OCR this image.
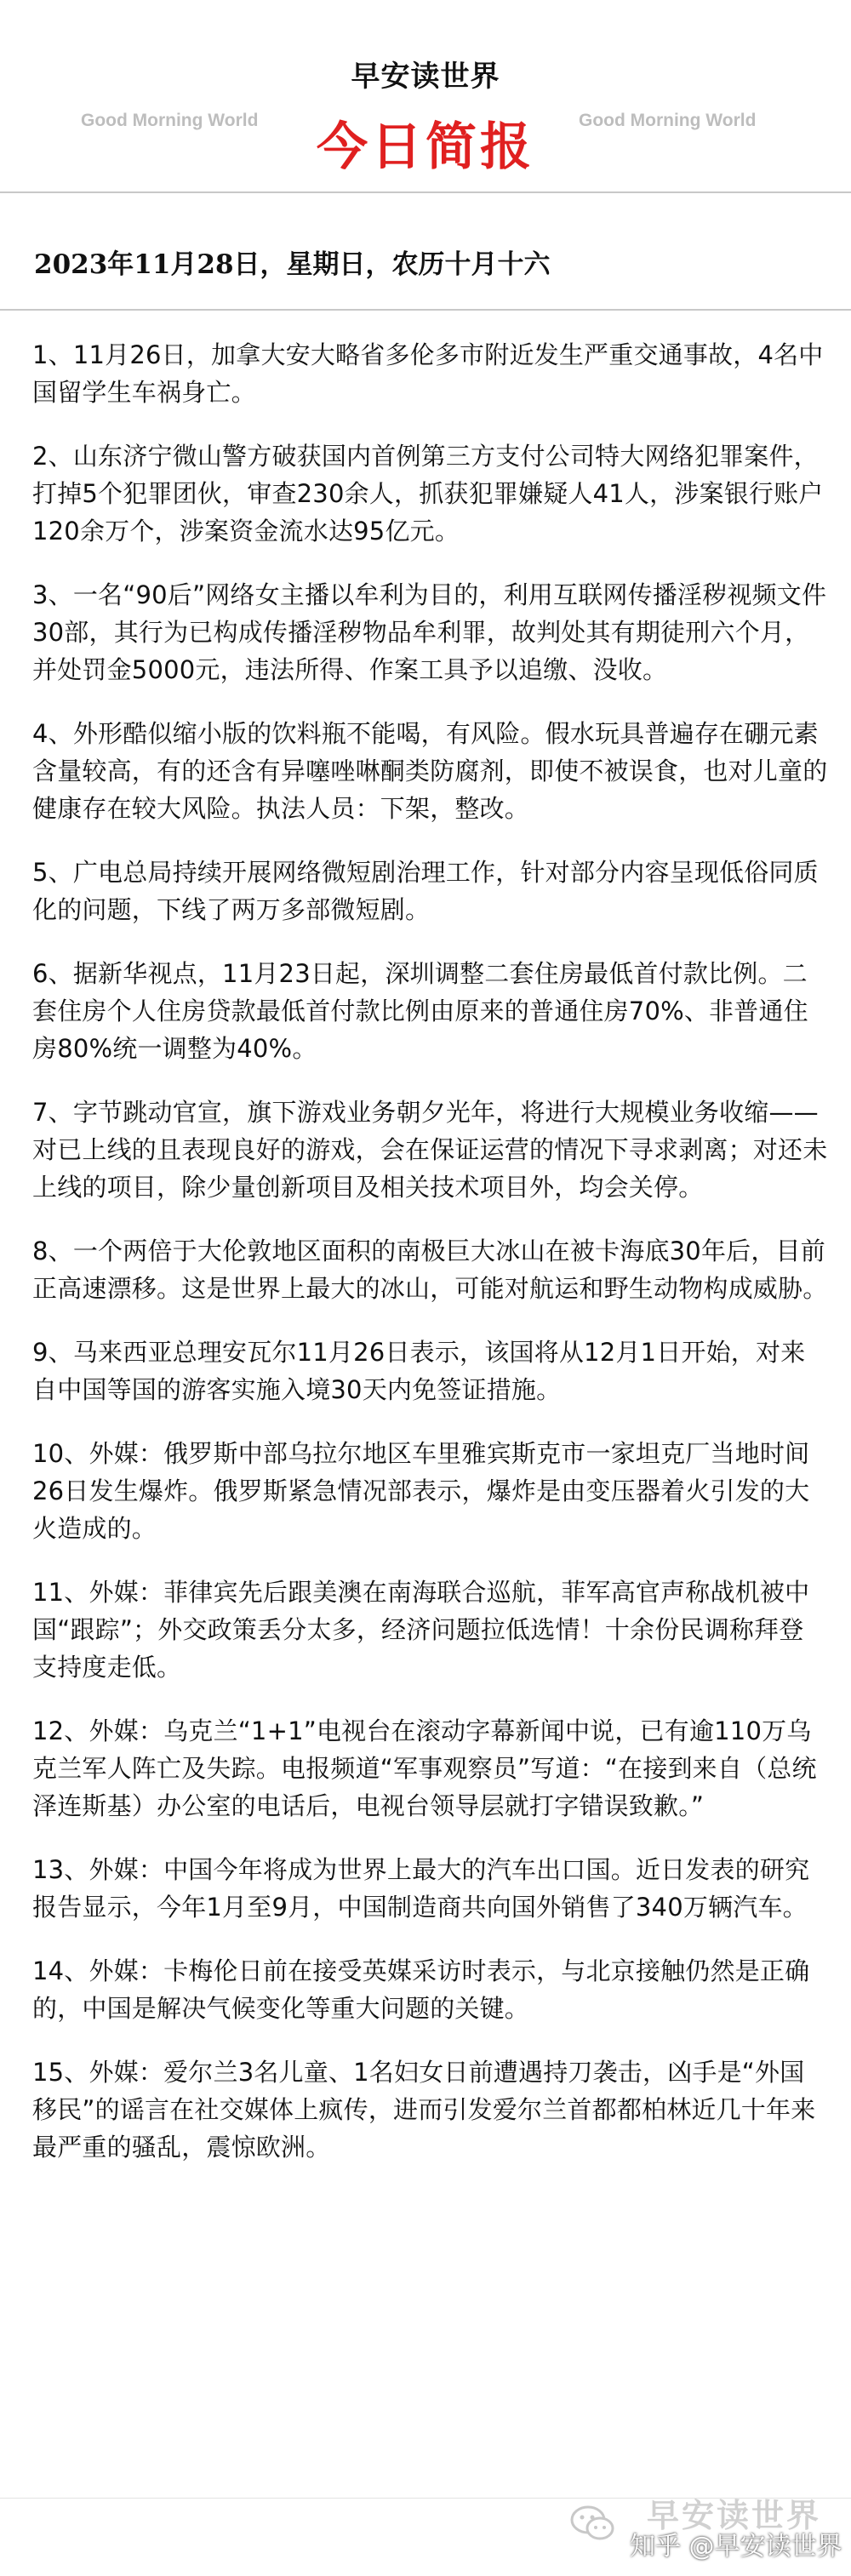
早安读世界
Good Morning World	今日简报	Good Morning World
2023年11月28日，星期日，农历十月十六

1、11月26日，加拿大安大略省多伦多市附近发生严重交通事故，4名中国留学生车祸身亡。

2、山东济宁微山警方破获国内首例第三方支付公司特大网络犯罪案件，打掉5个犯罪团伙，审查230余人，抓获犯罪嫌疑人41人，涉案银行账户120余万个，涉案资金流水达95亿元。

3、一名“90后”网络女主播以牟利为目的，利用互联网传播淫秽视频文件30部，其行为已构成传播淫秽物品牟利罪，故判处其有期徒刑六个月，并处罚金5000元，违法所得、作案工具予以追缴、没收。

4、外形酷似缩小版的饮料瓶不能喝，有风险。假水玩具普遍存在硼元素含量较高，有的还含有异噻唑啉酮类防腐剂，即使不被误食，也对儿童的健康存在较大风险。执法人员：下架，整改。

5、广电总局持续开展网络微短剧治理工作，针对部分内容呈现低俗同质化的问题，下线了两万多部微短剧。

6、据新华视点，11月23日起，深圳调整二套住房最低首付款比例。二套住房个人住房贷款最低首付款比例由原来的普通住房70%、非普通住房80%统一调整为40%。

7、字节跳动官宣，旗下游戏业务朝夕光年，将进行大规模业务收缩——对已上线的且表现良好的游戏，会在保证运营的情况下寻求剥离；对还未上线的项目，除少量创新项目及相关技术项目外，均会关停。

8、一个两倍于大伦敦地区面积的南极巨大冰山在被卡海底30年后，目前正高速漂移。这是世界上最大的冰山，可能对航运和野生动物构成威胁。

9、马来西亚总理安瓦尔11月26日表示，该国将从12月1日开始，对来自中国等国的游客实施入境30天内免签证措施。

10、外媒：俄罗斯中部乌拉尔地区车里雅宾斯克市一家坦克厂当地时间26日发生爆炸。俄罗斯紧急情况部表示，爆炸是由变压器着火引发的大火造成的。

11、外媒：菲律宾先后跟美澳在南海联合巡航，菲军高官声称战机被中国“跟踪”；外交政策丢分太多，经济问题拉低选情！十余份民调称拜登支持度走低。

12、外媒：乌克兰“1+1”电视台在滚动字幕新闻中说，已有逾110万乌克兰军人阵亡及失踪。电报频道“军事观察员”写道：“在接到来自（总统泽连斯基）办公室的电话后，电视台领导层就打字错误致歉。”

13、外媒：中国今年将成为世界上最大的汽车出口国。近日发表的研究报告显示，今年1月至9月，中国制造商共向国外销售了340万辆汽车。

14、外媒：卡梅伦日前在接受英媒采访时表示，与北京接触仍然是正确的，中国是解决气候变化等重大问题的关键。

15、外媒：爱尔兰3名儿童、1名妇女日前遭遇持刀袭击，凶手是“外国移民”的谣言在社交媒体上疯传，进而引发爱尔兰首都都柏林近几十年来最严重的骚乱，震惊欧洲。

早安读世界
知乎 @早安读世界
